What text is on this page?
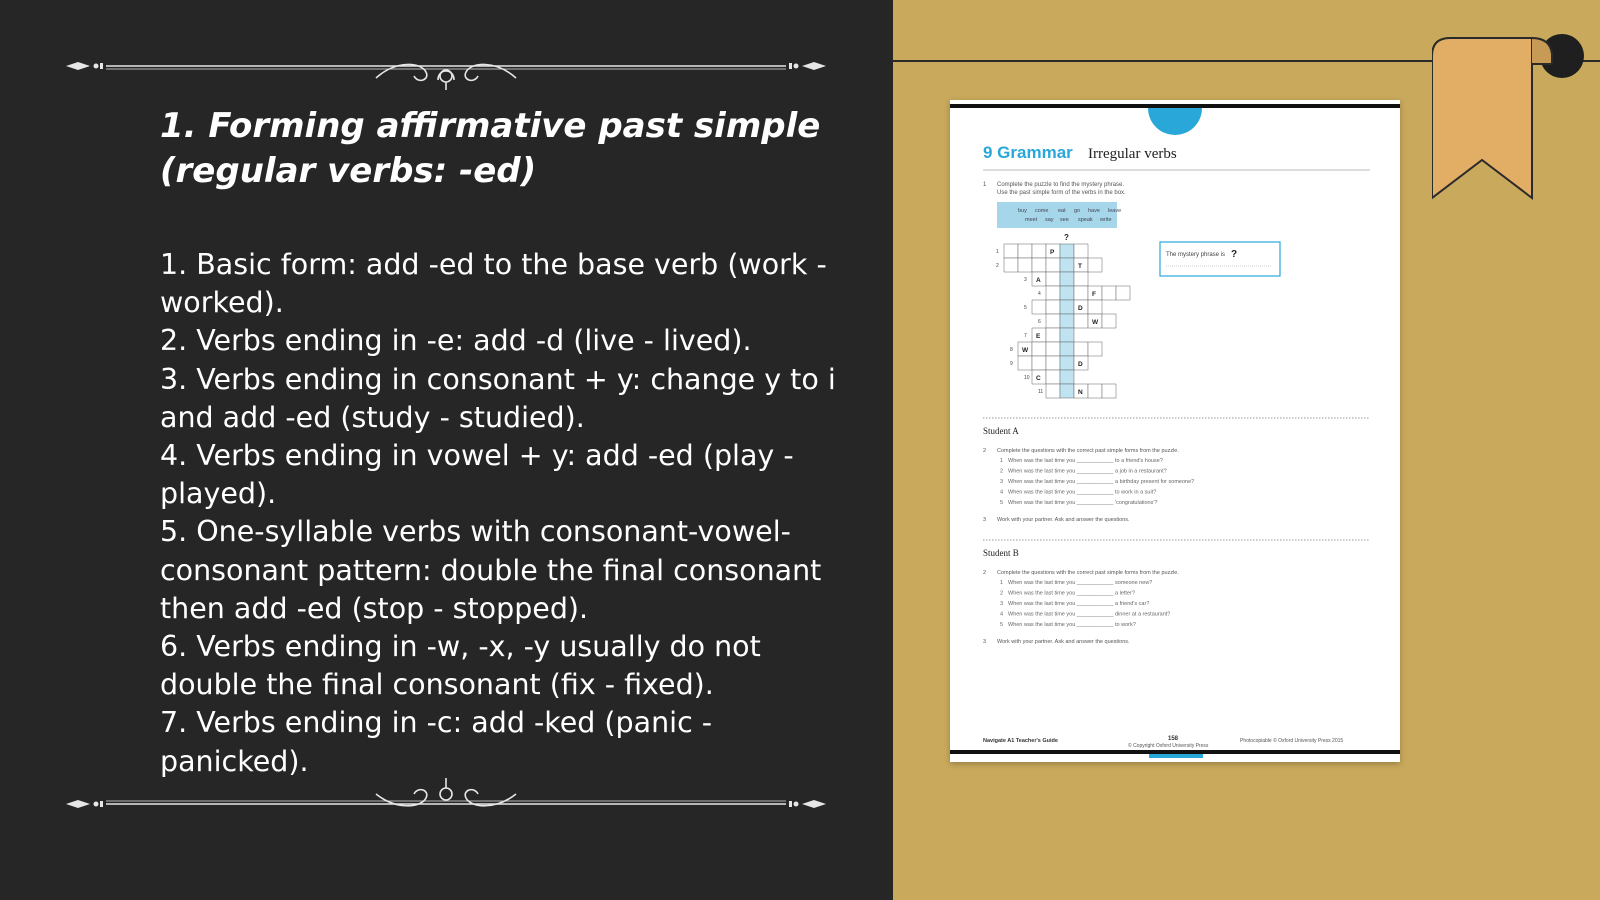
1. Forming affirmative past simple (regular verbs: -ed)
1. Basic form: add -ed to the base verb (work - worked).
2. Verbs ending in -e: add -d (live - lived).
3. Verbs ending in consonant + y: change y to i and add -ed (study - studied).
4. Verbs ending in vowel + y: add -ed (play - played).
5. One-syllable verbs with consonant-vowel-consonant pattern: double the final consonant then add -ed (stop - stopped).
6. Verbs ending in -w, -x, -y usually do not double the final consonant (fix - fixed).
7. Verbs ending in -c: add -ked (panic - panicked).
9 Grammar Irregular verbs
1 Complete the puzzle to find the mystery phrase.
Use the past simple form of the verbs in the box.
buy come eat go have leave
meet say see speak write
?
1	P
2	T
3 A
4	F
5	D
6	W
7 E
8 W
9	D
10 C
11	N
The mystery phrase is ?
Student A
2 Complete the questions with the correct past simple forms from the puzzle.
1 When was the last time you ____________ to a friend's house?
2 When was the last time you ____________ a job in a restaurant?
3 When was the last time you ____________ a birthday present for someone?
4 When was the last time you ____________ to work in a suit?
5 When was the last time you ____________ 'congratulations'?
3 Work with your partner. Ask and answer the questions.
Student B
2 Complete the questions with the correct past simple forms from the puzzle.
1 When was the last time you ____________ someone new?
2 When was the last time you ____________ a letter?
3 When was the last time you ____________ a friend's car?
4 When was the last time you ____________ dinner at a restaurant?
5 When was the last time you ____________ to work?
3 Work with your partner. Ask and answer the questions.
Navigate A1 Teacher's Guide	158
© Copyright Oxford University Press
Photocopiable © Oxford University Press 2015
